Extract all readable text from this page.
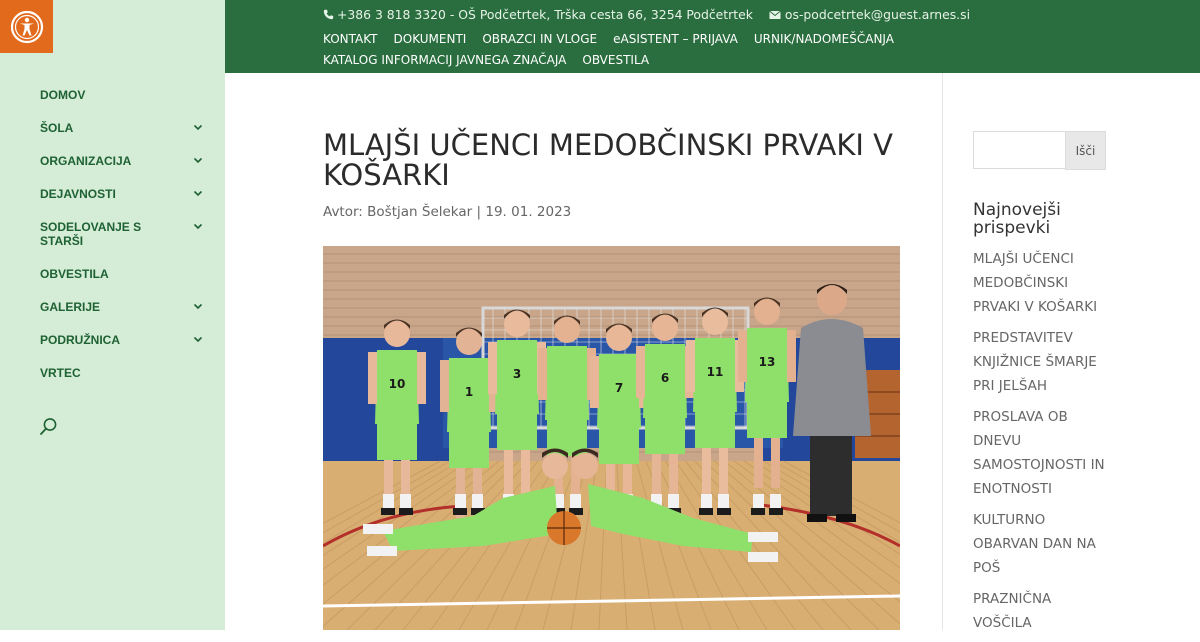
DOMOV
ŠOLA
ORGANIZACIJA
DEJAVNOSTI
SODELOVANJE S STARŠI
OBVESTILA
GALERIJE
PODRUŽNICA
VRTEC
+386 3 818 3320 - OŠ Podčetrtek, Trška cesta 66, 3254 Podčetrtek	os-podcetrtek@guest.arnes.si
KONTAKT DOKUMENTI OBRAZCI IN VLOGE eASISTENT – PRIJAVA URNIK/NADOMEŠČANJAKATALOG INFORMACIJ JAVNEGA ZNAČAJA OBVESTILA
MLAJŠI UČENCI MEDOBČINSKI PRVAKI V KOŠARKI
Avtor: Boštjan Šelekar | 19. 01. 2023
10
1
3
7
6	11
13
Išči
Najnovejši prispevki
MLAJŠI UČENCI MEDOBČINSKI PRVAKI V KOŠARKI
PREDSTAVITEV KNJIŽNICE ŠMARJE PRI JELŠAH
PROSLAVA OB DNEVU SAMOSTOJNOSTI IN ENOTNOSTI
KULTURNO OBARVAN DAN NA POŠ
PRAZNIČNA VOŠČILA
